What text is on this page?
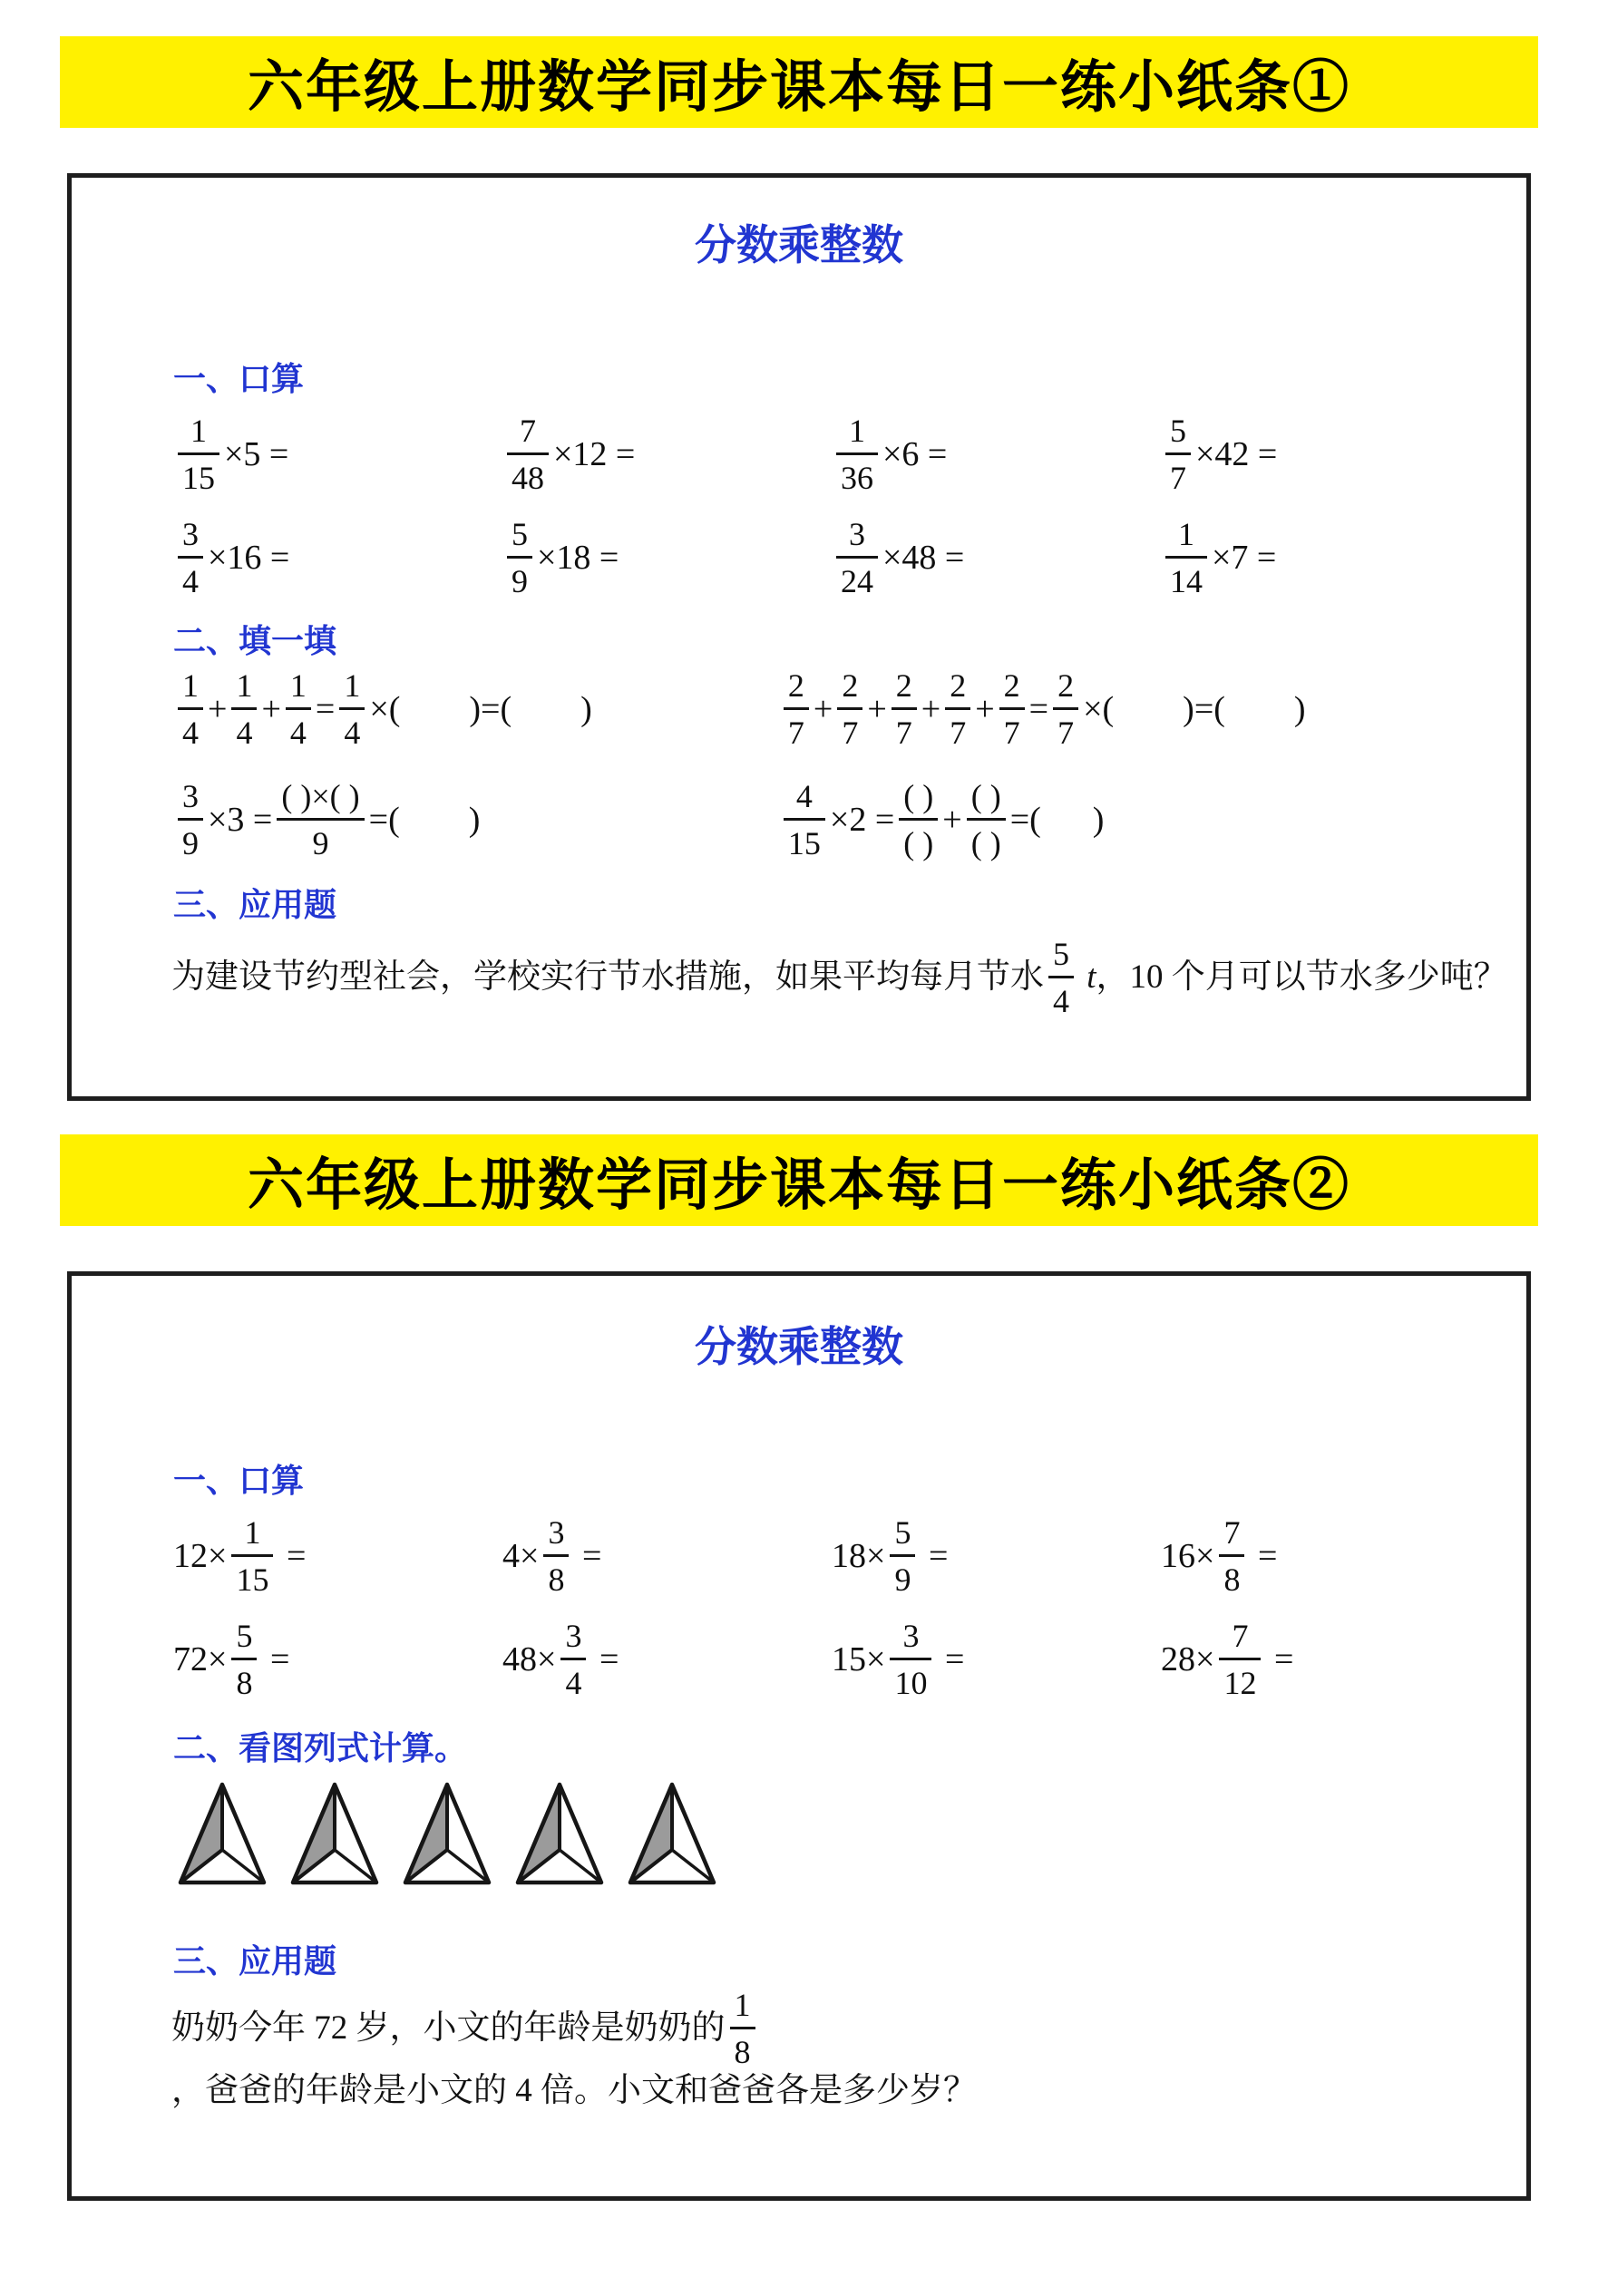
六年级上册数学同步课本每日一练小纸条①
分数乘整数
一、口算
$\frac{1}{15} \times 5$ =	$\frac{7}{48} \times 12$ =	$\frac{1}{36} \times 6$ =	$\frac{5}{7} \times 42$ =
$\frac{3}{4} \times 16$ =	$\frac{5}{9} \times 18$ =	$\frac{3}{24} \times 48$ =	$\frac{1}{14} \times 7$ =
二、填一填
$\frac{1}{4} + \frac{1}{4} + \frac{1}{4} = \frac{1}{4}$ ×(        )=(        )	$\frac{2}{7} + \frac{2}{7} + \frac{2}{7} + \frac{2}{7} + \frac{2}{7} = \frac{2}{7}$ ×(        )=(        )
$\frac{3}{9} \times 3 = \frac{( )\times( )}{9}$ =(        )	$\frac{4}{15} \times 2 = \frac{( )}{( )} + \frac{( )}{( )}$ =(      )
三、应用题
为建设节约型社会，学校实行节水措施，如果平均每月节水 $\frac{5}{4}$ t ，10 个月可以节水多少吨？
六年级上册数学同步课本每日一练小纸条②
分数乘整数
一、口算
$12\times \frac{1}{15}$ =	$4\times \frac{3}{8}$ =	$18\times \frac{5}{9}$ =	$16\times \frac{7}{8}$ =
$72\times \frac{5}{8}$ =	$48\times \frac{3}{4}$ =	$15\times \frac{3}{10}$ =	$28\times \frac{7}{12}$ =
二、看图列式计算。
三、应用题
奶奶今年 72 岁，小文的年龄是奶奶的 $\frac{1}{8}$
，爸爸的年龄是小文的 4 倍。小文和爸爸各是多少岁？
